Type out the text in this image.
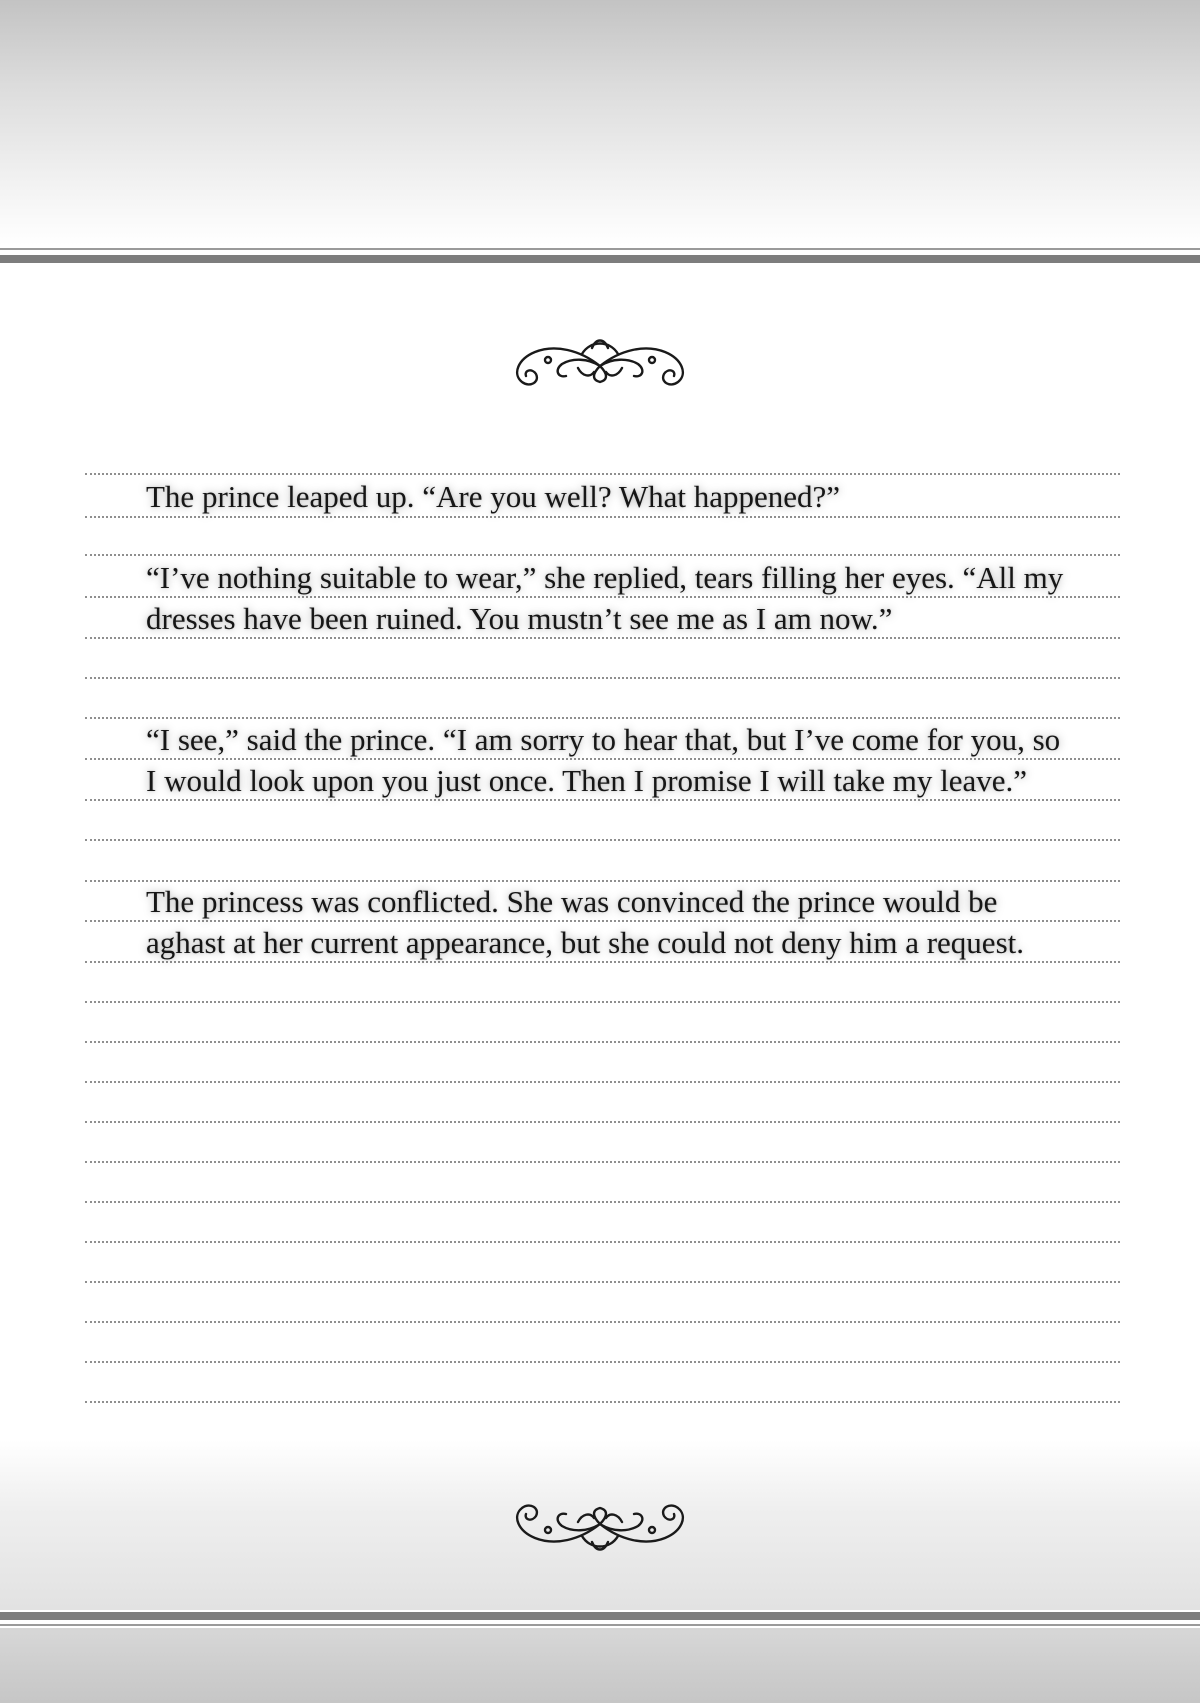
The prince leaped up. “Are you well? What happened?”

“I’ve nothing suitable to wear,” she replied, tears filling her eyes. “All my dresses have been ruined. You mustn’t see me as I am now.”

“I see,” said the prince. “I am sorry to hear that, but I’ve come for you, so I would look upon you just once. Then I promise I will take my leave.”

The princess was conflicted. She was convinced the prince would be aghast at her current appearance, but she could not deny him a request.
